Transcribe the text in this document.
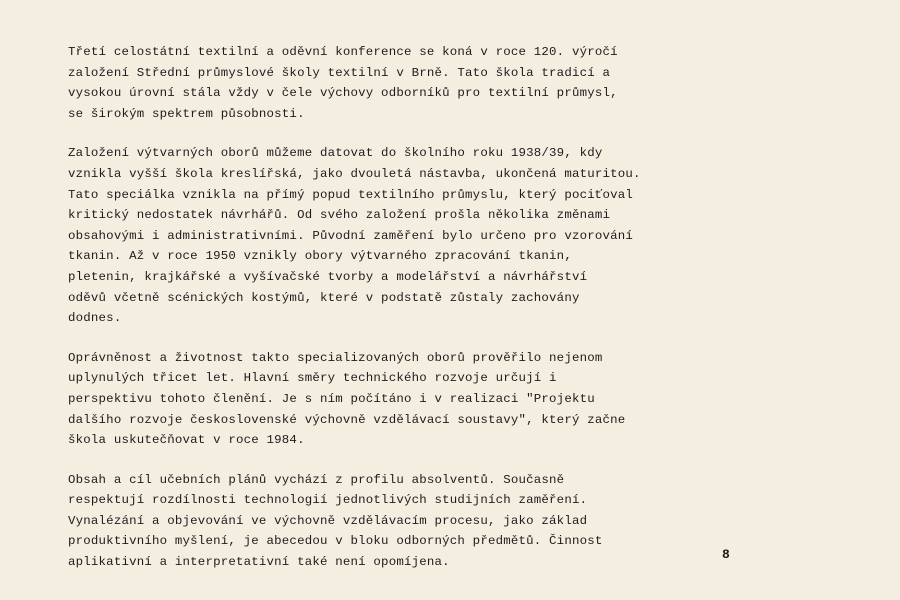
Třetí celostátní textilní a oděvní konference se koná v roce 120. výročí
založení Střední průmyslové školy textilní v Brně. Tato škola tradicí a
vysokou úrovní stála vždy v čele výchovy odborníků pro textilní průmysl,
se širokým spektrem působnosti.
Založení výtvarných oborů můžeme datovat do školního roku 1938/39, kdy
vznikla vyšší škola kreslířská, jako dvouletá nástavba, ukončená maturitou.
Tato speciálka vznikla na přímý popud textilního průmyslu, který pociťoval
kritický nedostatek návrhářů. Od svého založení prošla několika změnami
obsahovými i administrativními. Původní zaměření bylo určeno pro vzorování
tkanin. Až v roce 1950 vznikly obory výtvarného zpracování tkanin,
pletenin, krajkářské a vyšívačské tvorby a modelářství a návrhářství
oděvů včetně scénických kostýmů, které v podstatě zůstaly zachovány
dodnes.
Oprávněnost a životnost takto specializovaných oborů prověřilo nejenom
uplynulých třicet let. Hlavní směry technického rozvoje určují i
perspektivu tohoto členění. Je s ním počítáno i v realizaci "Projektu
dalšího rozvoje československé výchovně vzdělávací soustavy", který začne
škola uskutečňovat v roce 1984.
Obsah a cíl učebních plánů vychází z profilu absolventů. Současně
respektují rozdílnosti technologií jednotlivých studijních zaměření.
Vynalézání a objevování ve výchovně vzdělávacím procesu, jako základ
produktivního myšlení, je abecedou v bloku odborných předmětů. Činnost
aplikativní a interpretativní také není opomíjena.
8
